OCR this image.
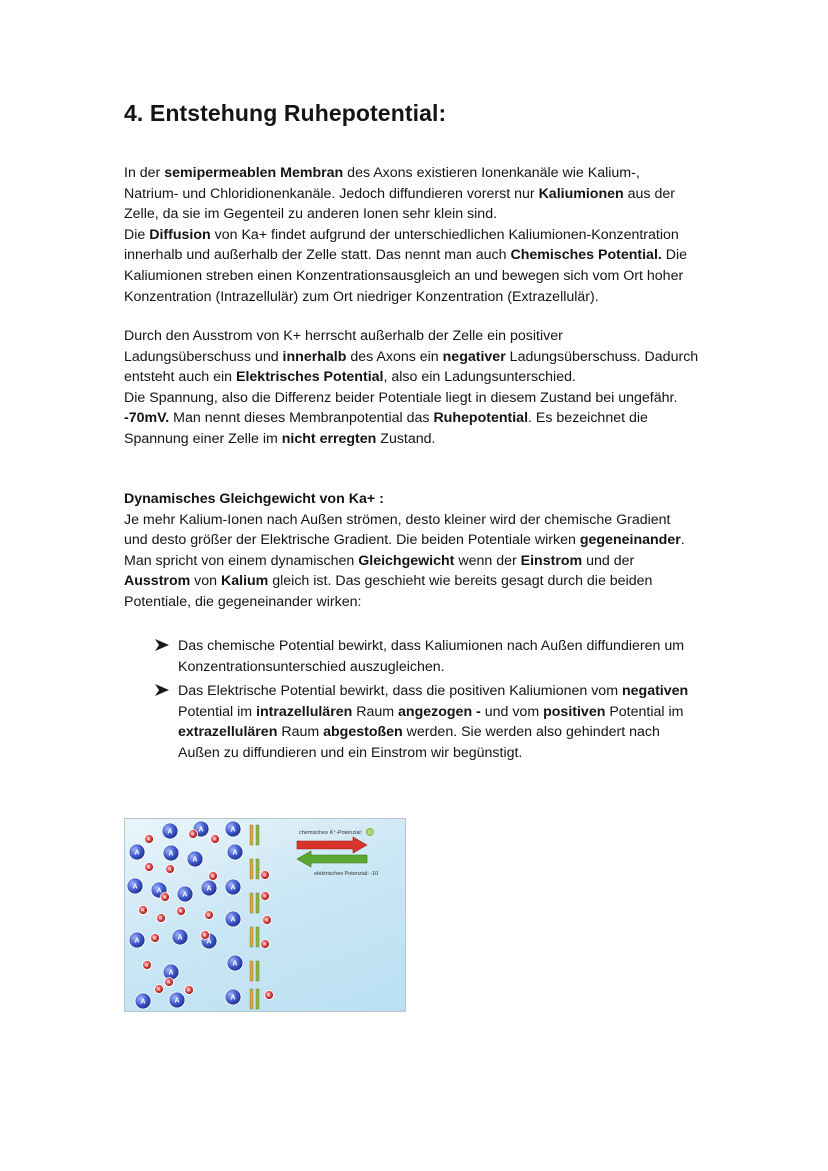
4. Entstehung Ruhepotential:
In der semipermeablen Membran des Axons existieren Ionenkanäle wie Kalium-,
Natrium- und Chloridionenkanäle. Jedoch diffundieren vorerst nur Kaliumionen aus der
Zelle, da sie im Gegenteil zu anderen Ionen sehr klein sind.
Die Diffusion von Ka+ findet aufgrund der unterschiedlichen Kaliumionen-Konzentration
innerhalb und außerhalb der Zelle statt. Das nennt man auch Chemisches Potential. Die
Kaliumionen streben einen Konzentrationsausgleich an und bewegen sich vom Ort hoher
Konzentration (Intrazellulär) zum Ort niedriger Konzentration (Extrazellulär).
Durch den Ausstrom von K+ herrscht außerhalb der Zelle ein positiver
Ladungsüberschuss und innerhalb des Axons ein negativer Ladungsüberschuss. Dadurch
entsteht auch ein Elektrisches Potential, also ein Ladungsunterschied.
Die Spannung, also die Differenz beider Potentiale liegt in diesem Zustand bei ungefähr.
-70mV. Man nennt dieses Membranpotential das Ruhepotential. Es bezeichnet die
Spannung einer Zelle im nicht erregten Zustand.
Dynamisches Gleichgewicht von Ka+ :
Je mehr Kalium-Ionen nach Außen strömen, desto kleiner wird der chemische Gradient
und desto größer der Elektrische Gradient. Die beiden Potentiale wirken gegeneinander.
Man spricht von einem dynamischen Gleichgewicht wenn der Einstrom und der
Ausstrom von Kalium gleich ist. Das geschieht wie bereits gesagt durch die beiden
Potentiale, die gegeneinander wirken:
Das chemische Potential bewirkt, dass Kaliumionen nach Außen diffundieren um
Konzentrationsunterschied auszugleichen.
Das Elektrische Potential bewirkt, dass die positiven Kaliumionen vom negativen
Potential im intrazellulären Raum angezogen - und vom positiven Potential im
extrazellulären Raum abgestoßen werden. Sie werden also gehindert nach
Außen zu diffundieren und ein Einstrom wir begünstigt.
A	A	A
A	A
A
A
A
A
A	A
A
A
A	A
A
A
A
A	A	A
K
K
K
K	K
K
K
K
K
K
K
K
K
K
K
K
K
K
K
K	K
K
chemisches K⁺-Potenzial: 10
elektrisches Potenzial: -10
